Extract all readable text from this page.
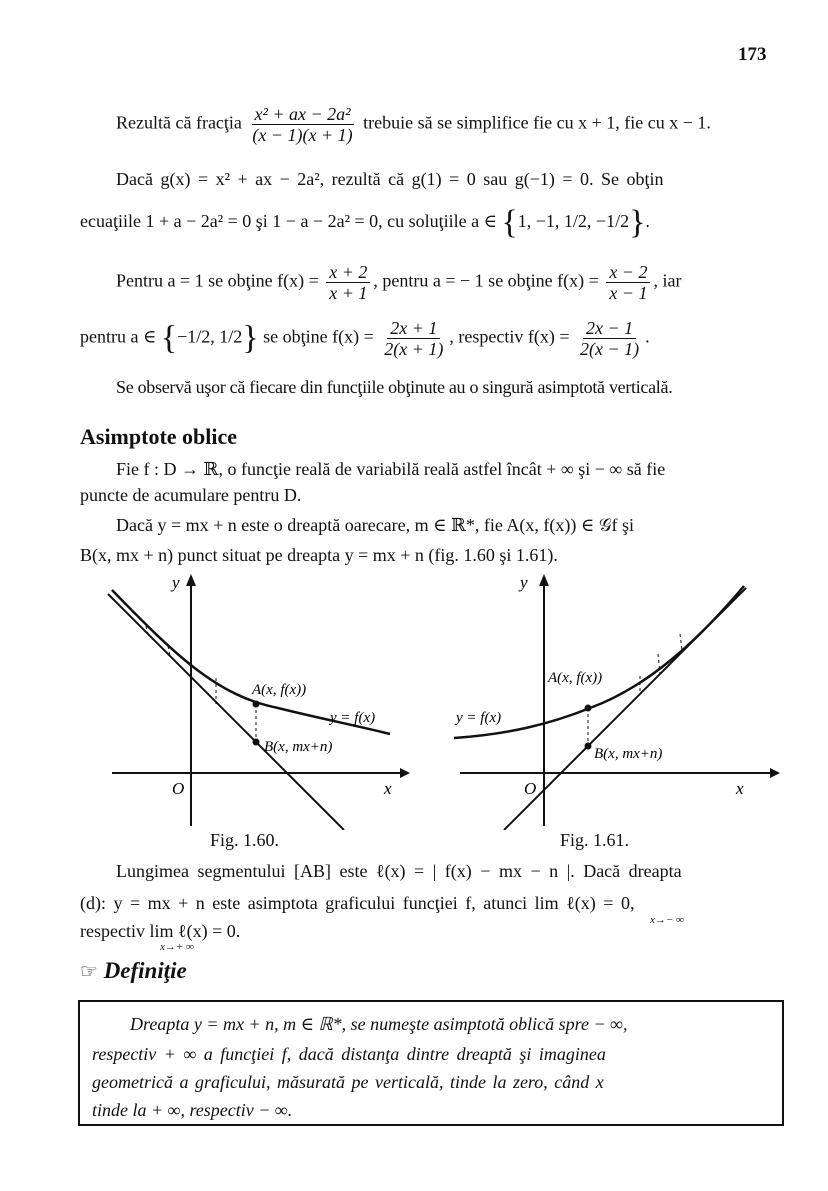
173
Rezultă că fracţia $\frac{\text{x² + ax − 2a²}}{(x - 1)(x + 1)}$ trebuie să se simplifice fie cu x + 1, fie cu x − 1.
Dacă g(x) = x² + ax − 2a², rezultă că g(1) = 0 sau g(−1) = 0. Se obţin
ecuaţiile 1 + a − 2a² = 0 şi 1 − a − 2a² = 0, cu soluţiile a ∈ {1, −1, 1/2, −1/2}.
Pentru a = 1 se obţine $f(x) = \frac{x + 2}{x + 1}$ , pentru a = − 1 se obţine $f(x) = \frac{x - 2}{x - 1}$ , iar
pentru a ∈ {−1/2, 1/2} se obţine $f(x) = \frac{2x + 1}{2(x + 1)}$ , respectiv $f(x) = \frac{2x - 1}{2(x - 1)}$ .
Se observă uşor că fiecare din funcţiile obţinute au o singură asimptotă verticală.
Asimptote oblice
Fie f : D → ℝ, o funcţie reală de variabilă reală astfel încât + ∞ şi − ∞ să fie
puncte de acumulare pentru D.
Dacă y = mx + n este o dreaptă oarecare, m ∈ ℝ*, fie A(x, f(x)) ∈ 𝒢f şi
B(x, mx + n) punct situat pe dreapta y = mx + n (fig. 1.60 şi 1.61).
y
x
O
A(x, f(x))
B(x, mx+n)
y = f(x)
Fig. 1.60.
y
x
O
A(x, f(x))
B(x, mx+n)
y = f(x)
Fig. 1.61.
Lungimea segmentului [AB] este ℓ(x) = | f(x) − mx − n |. Dacă dreapta
(d): y = mx + n este asimptota graficului funcţiei f, atunci lim ℓ(x) = 0,
x→− ∞
respectiv lim ℓ(x) = 0.
x→+ ∞
☞ Definiţie
Dreapta y = mx + n, m ∈ ℝ*, se numeşte asimptotă oblică spre − ∞,
respectiv + ∞ a funcţiei f, dacă distanţa dintre dreaptă şi imaginea
geometrică a graficului, măsurată pe verticală, tinde la zero, când x
tinde la + ∞, respectiv − ∞.
